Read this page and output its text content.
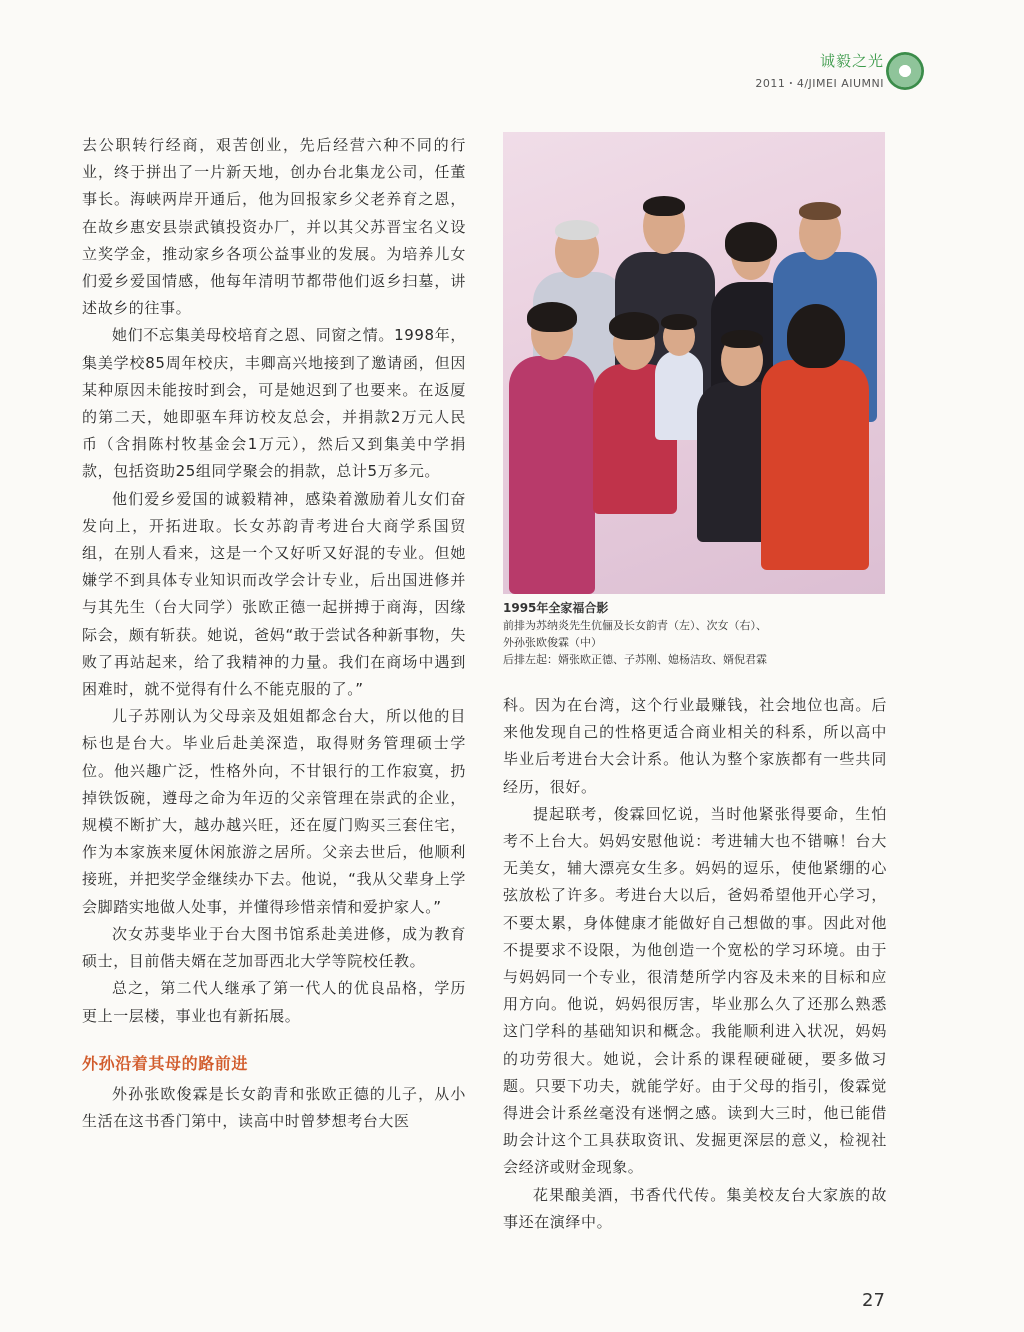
诚毅之光
2011・4/JIMEI AIUMNI

去公职转行经商，艰苦创业，先后经营六种不同的行业，终于拼出了一片新天地，创办台北集龙公司，任董事长。海峡两岸开通后，他为回报家乡父老养育之恩，在故乡惠安县崇武镇投资办厂，并以其父苏晋宝名义设立奖学金，推动家乡各项公益事业的发展。为培养儿女们爱乡爱国情感，他每年清明节都带他们返乡扫墓，讲述故乡的往事。

她们不忘集美母校培育之恩、同窗之情。1998年，集美学校85周年校庆，丰卿高兴地接到了邀请函，但因某种原因未能按时到会，可是她迟到了也要来。在返厦的第二天，她即驱车拜访校友总会，并捐款2万元人民币（含捐陈村牧基金会1万元），然后又到集美中学捐款，包括资助25组同学聚会的捐款，总计5万多元。

他们爱乡爱国的诚毅精神，感染着激励着儿女们奋发向上，开拓进取。长女苏韵青考进台大商学系国贸组，在别人看来，这是一个又好听又好混的专业。但她嫌学不到具体专业知识而改学会计专业，后出国进修并与其先生（台大同学）张欧正德一起拼搏于商海，因缘际会，颇有斩获。她说，爸妈“敢于尝试各种新事物，失败了再站起来，给了我精神的力量。我们在商场中遇到困难时，就不觉得有什么不能克服的了。”

儿子苏刚认为父母亲及姐姐都念台大，所以他的目标也是台大。毕业后赴美深造，取得财务管理硕士学位。他兴趣广泛，性格外向，不甘银行的工作寂寞，扔掉铁饭碗，遵母之命为年迈的父亲管理在崇武的企业，规模不断扩大，越办越兴旺，还在厦门购买三套住宅，作为本家族来厦休闲旅游之居所。父亲去世后，他顺利接班，并把奖学金继续办下去。他说，“我从父辈身上学会脚踏实地做人处事，并懂得珍惜亲情和爱护家人。”

次女苏斐毕业于台大图书馆系赴美进修，成为教育硕士，目前偕夫婿在芝加哥西北大学等院校任教。

总之，第二代人继承了第一代人的优良品格，学历更上一层楼，事业也有新拓展。

外孙沿着其母的路前进

外孙张欧俊霖是长女韵青和张欧正德的儿子，从小生活在这书香门第中，读高中时曾梦想考台大医

1995年全家福合影
前排为苏纳炎先生伉俪及长女韵青（左）、次女（右）、
外孙张欧俊霖（中）
后排左起：婿张欧正德、子苏刚、媳杨洁玫、婿倪君霖

科。因为在台湾，这个行业最赚钱，社会地位也高。后来他发现自己的性格更适合商业相关的科系，所以高中毕业后考进台大会计系。他认为整个家族都有一些共同经历，很好。

提起联考，俊霖回忆说，当时他紧张得要命，生怕考不上台大。妈妈安慰他说：考进辅大也不错嘛！台大无美女，辅大漂亮女生多。妈妈的逗乐，使他紧绷的心弦放松了许多。考进台大以后，爸妈希望他开心学习，不要太累，身体健康才能做好自己想做的事。因此对他不提要求不设限，为他创造一个宽松的学习环境。由于与妈妈同一个专业，很清楚所学内容及未来的目标和应用方向。他说，妈妈很厉害，毕业那么久了还那么熟悉这门学科的基础知识和概念。我能顺利进入状况，妈妈的功劳很大。她说，会计系的课程硬碰硬，要多做习题。只要下功夫，就能学好。由于父母的指引，俊霖觉得进会计系丝毫没有迷惘之感。读到大三时，他已能借助会计这个工具获取资讯、发掘更深层的意义，检视社会经济或财金现象。

花果酿美酒，书香代代传。集美校友台大家族的故事还在演绎中。

27
